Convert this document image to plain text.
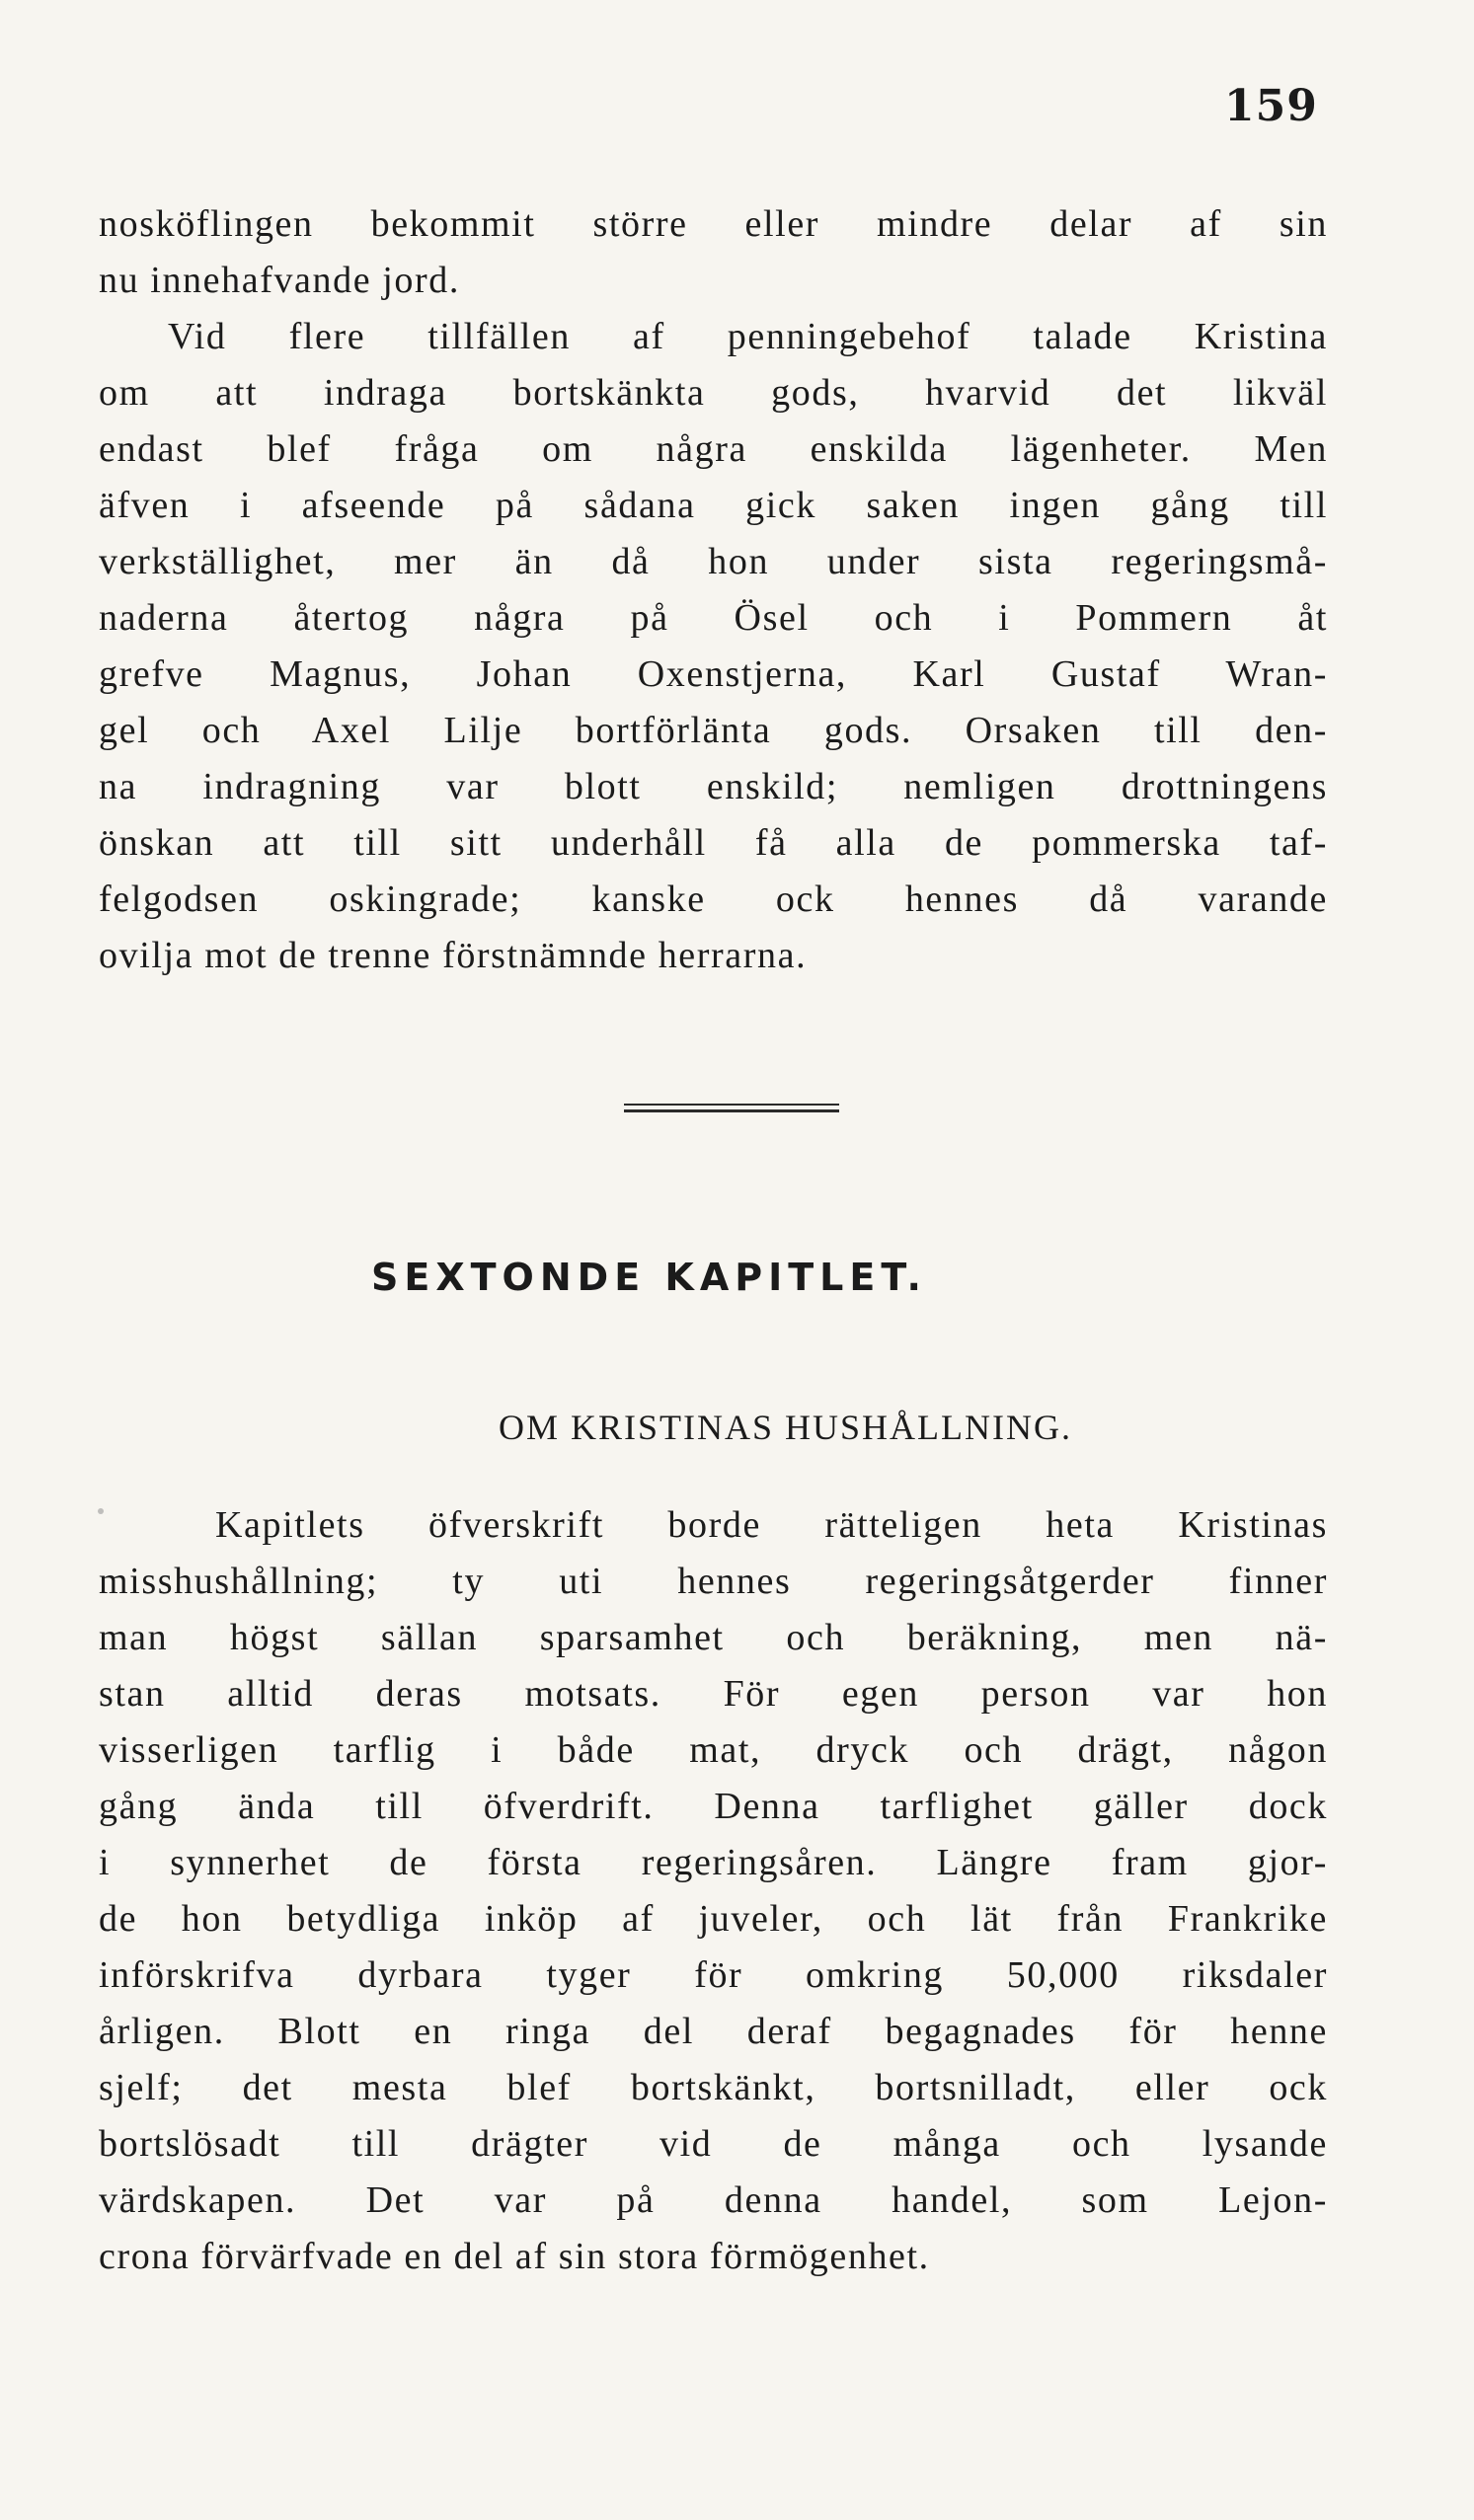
159
nosköflingen bekommit större eller mindre delar af sin
nu innehafvande jord.
Vid flere tillfällen af penningebehof talade Kristina
om att indraga bortskänkta gods, hvarvid det likväl
endast blef fråga om några enskilda lägenheter. Men
äfven i afseende på sådana gick saken ingen gång till
verkställighet, mer än då hon under sista regeringsmå-
naderna återtog några på Ösel och i Pommern åt
grefve Magnus, Johan Oxenstjerna, Karl Gustaf Wran-
gel och Axel Lilje bortförlänta gods. Orsaken till den-
na indragning var blott enskild; nemligen drottningens
önskan att till sitt underhåll få alla de pommerska taf-
felgodsen oskingrade; kanske ock hennes då varande
ovilja mot de trenne förstnämnde herrarna.
SEXTONDE KAPITLET.
OM KRISTINAS HUSHÅLLNING.
Kapitlets öfverskrift borde rätteligen heta Kristinas
misshushållning; ty uti hennes regeringsåtgerder finner
man högst sällan sparsamhet och beräkning, men nä-
stan alltid deras motsats. För egen person var hon
visserligen tarflig i både mat, dryck och drägt, någon
gång ända till öfverdrift. Denna tarflighet gäller dock
i synnerhet de första regeringsåren. Längre fram gjor-
de hon betydliga inköp af juveler, och lät från Frankrike
införskrifva dyrbara tyger för omkring 50,000 riksdaler
årligen. Blott en ringa del deraf begagnades för henne
sjelf; det mesta blef bortskänkt, bortsnilladt, eller ock
bortslösadt till drägter vid de många och lysande
värdskapen. Det var på denna handel, som Lejon-
crona förvärfvade en del af sin stora förmögenhet.
